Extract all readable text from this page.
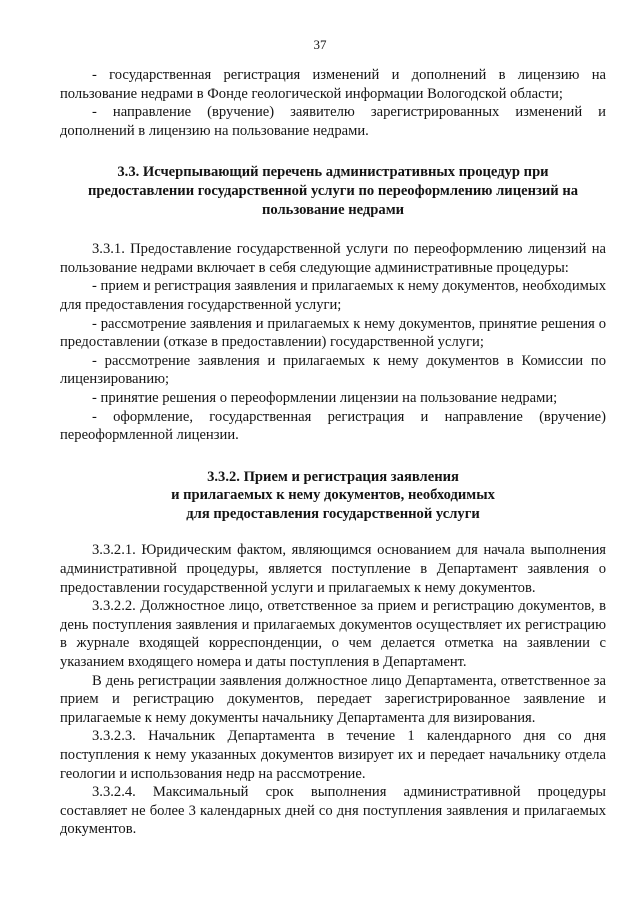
37

- государственная регистрация изменений и дополнений в лицензию на пользование недрами в Фонде геологической информации Вологодской области;

- направление (вручение) заявителю зарегистрированных изменений и дополнений в лицензию на пользование недрами.

3.3. Исчерпывающий перечень административных процедур при
предоставлении государственной услуги по переоформлению лицензий на
пользование недрами

3.3.1. Предоставление государственной услуги по переоформлению лицензий на пользование недрами включает в себя следующие административные процедуры:

- прием и регистрация заявления и прилагаемых к нему документов, необходимых для предоставления государственной услуги;

- рассмотрение заявления и прилагаемых к нему документов, принятие решения о предоставлении (отказе в предоставлении) государственной услуги;

- рассмотрение заявления и прилагаемых к нему документов в Комиссии по лицензированию;

- принятие решения о переоформлении лицензии на пользование недрами;

- оформление, государственная регистрация и направление (вручение) переоформленной лицензии.

3.3.2. Прием и регистрация заявления
и прилагаемых к нему документов, необходимых
для предоставления государственной услуги

3.3.2.1. Юридическим фактом, являющимся основанием для начала выполнения административной процедуры, является поступление в Департамент заявления о предоставлении государственной услуги и прилагаемых к нему документов.

3.3.2.2. Должностное лицо, ответственное за прием и регистрацию документов, в день поступления заявления и прилагаемых документов осуществляет их регистрацию в журнале входящей корреспонденции, о чем делается отметка на заявлении с указанием входящего номера и даты поступления в Департамент.

В день регистрации заявления должностное лицо Департамента, ответственное за прием и регистрацию документов, передает зарегистрированное заявление и прилагаемые к нему документы начальнику Департамента для визирования.

3.3.2.3. Начальник Департамента в течение 1 календарного дня со дня поступления к нему указанных документов визирует их и передает начальнику отдела геологии и использования недр на рассмотрение.

3.3.2.4. Максимальный срок выполнения административной процедуры составляет не более 3 календарных дней со дня поступления заявления и прилагаемых документов.
